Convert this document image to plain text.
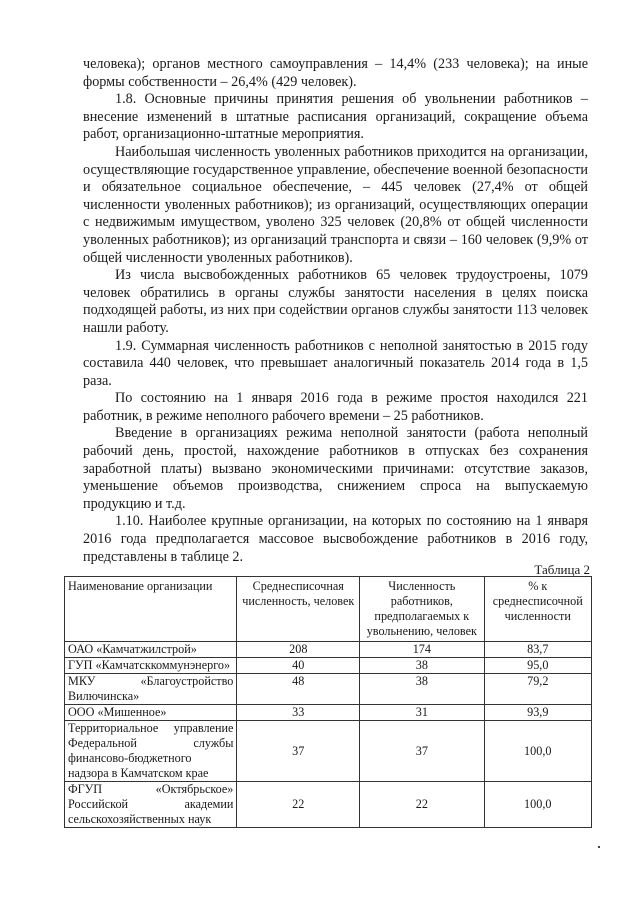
человека); органов местного самоуправления – 14,4% (233 человека); на иные формы собственности – 26,4% (429 человек).

1.8. Основные причины принятия решения об увольнении работников – внесение изменений в штатные расписания организаций, сокращение объема работ, организационно-штатные мероприятия.

Наибольшая численность уволенных работников приходится на организации, осуществляющие государственное управление, обеспечение военной безопасности и обязательное социальное обеспечение, – 445 человек (27,4% от общей численности уволенных работников); из организаций, осуществляющих операции с недвижимым имуществом, уволено 325 человек (20,8% от общей численности уволенных работников); из организаций транспорта и связи – 160 человек (9,9% от общей численности уволенных работников).

Из числа высвобожденных работников 65 человек трудоустроены, 1079 человек обратились в органы службы занятости населения в целях поиска подходящей работы, из них при содействии органов службы занятости 113 человек нашли работу.

1.9. Суммарная численность работников с неполной занятостью в 2015 году составила 440 человек, что превышает аналогичный показатель 2014 года в 1,5 раза.

По состоянию на 1 января 2016 года в режиме простоя находился 221 работник, в режиме неполного рабочего времени – 25 работников.

Введение в организациях режима неполной занятости (работа неполный рабочий день, простой, нахождение работников в отпусках без сохранения заработной платы) вызвано экономическими причинами: отсутствие заказов, уменьшение объемов производства, снижением спроса на выпускаемую продукцию и т.д.

1.10. Наиболее крупные организации, на которых по состоянию на 1 января 2016 года предполагается массовое высвобождение работников в 2016 году, представлены в таблице 2.

Таблица 2
Наименование организации	Среднесписочная численность, человек	Численность работников, предполагаемых к увольнению, человек	% к среднесписочной численности
ОАО «Камчатжилстрой»	208	174	83,7
ГУП «Камчатсккоммунэнерго»	40	38	95,0
МКУ «Благоустройство Вилючинска»	48	38	79,2
ООО «Мишенное»	33	31	93,9
Территориальное управление Федеральной службы финансово-бюджетного надзора в Камчатском крае	37	37	100,0
ФГУП «Октябрьское» Российской академии сельскохозяйственных наук	22	22	100,0
